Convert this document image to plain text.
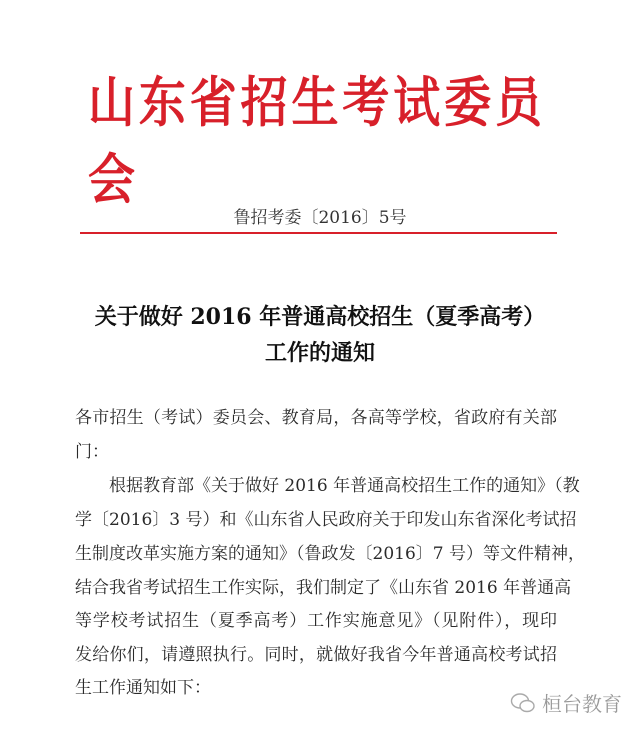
山东省招生考试委员会
鲁招考委〔2016〕5号
关于做好 2016 年普通高校招生（夏季高考）
工作的通知
各市招生（考试）委员会、教育局，各高等学校，省政府有关部
门：
　　根据教育部《关于做好 2016 年普通高校招生工作的通知》（教
学〔2016〕3 号）和《山东省人民政府关于印发山东省深化考试招
生制度改革实施方案的通知》（鲁政发〔2016〕7 号）等文件精神，
结合我省考试招生工作实际，我们制定了《山东省 2016 年普通高
等学校考试招生（夏季高考）工作实施意见》（见附件），现印
发给你们，请遵照执行。同时，就做好我省今年普通高校考试招
生工作通知如下：
桓台教育
